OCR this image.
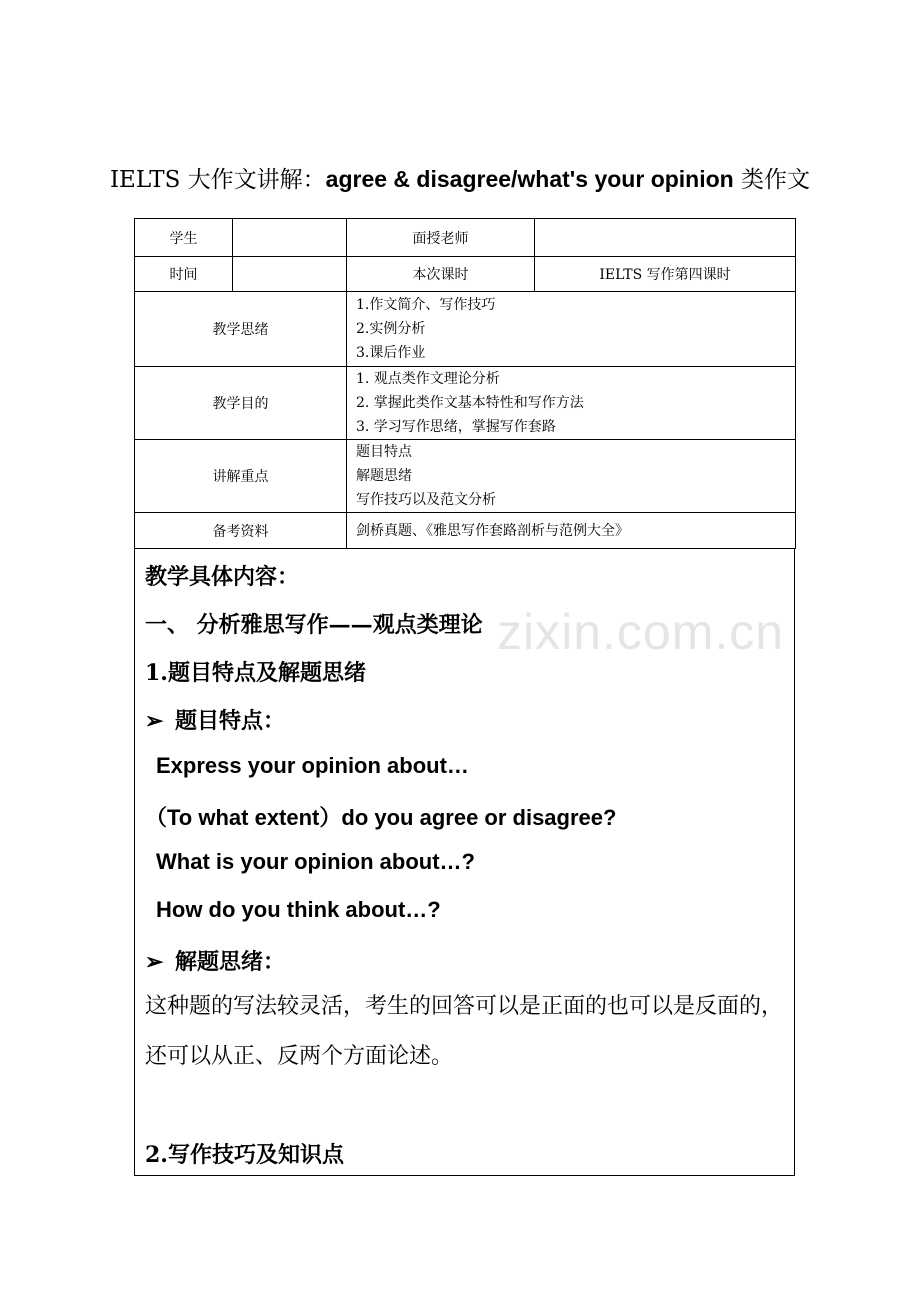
IELTS 大作文讲解：agree & disagree/what's your opinion 类作文
学生		面授老师	
时间		本次课时	IELTS 写作第四课时
教学思绪		1.作文简介、写作技巧
2.实例分析
3.课后作业	

教学目的		1. 观点类作文理论分析
2. 掌握此类作文基本特性和写作方法
3. 学习写作思绪，掌握写作套路	

讲解重点		题目特点
解题思绪
写作技巧以及范文分析	

备考资料		剑桥真题、《雅思写作套路剖析与范例大全》	
教学具体内容：
一、 分析雅思写作——观点类理论
1.题目特点及解题思绪
➢ 题目特点：
Express your opinion about…
（To what extent）do you agree or disagree?
What is your opinion about…?
How do you think about…?
➢ 解题思绪：
这种题的写法较灵活，考生的回答可以是正面的也可以是反面的，还可以从正、反两个方面论述。
2.写作技巧及知识点
zixin.com.cn
